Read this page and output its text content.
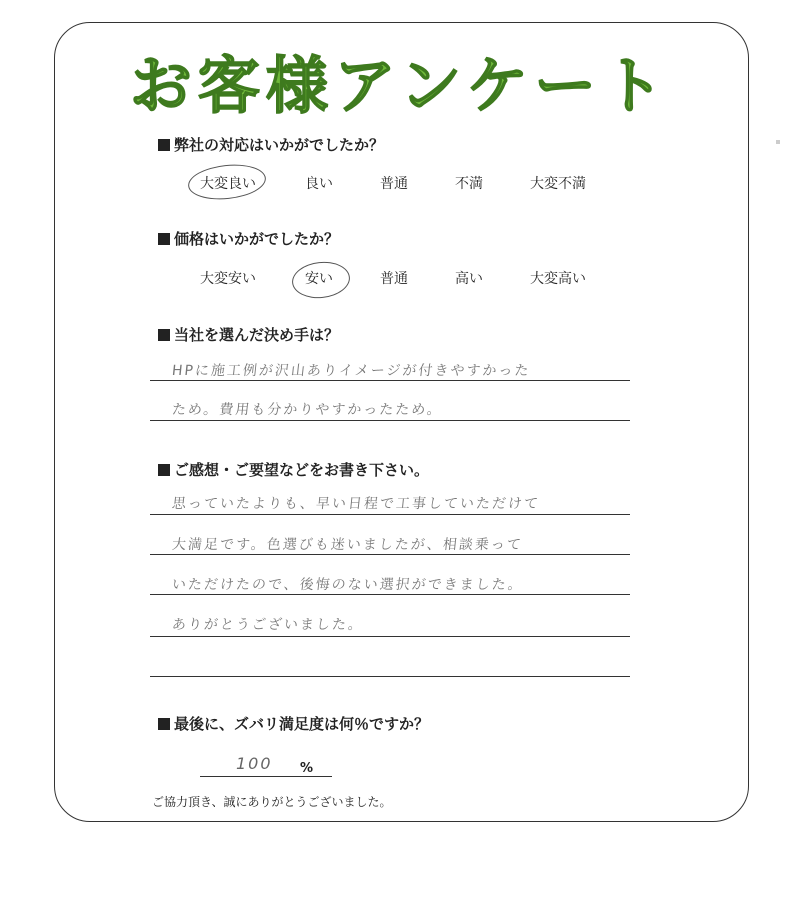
お客様アンケート
弊社の対応はいかがでしたか？
大変良い	良い	普通	不満	大変不満
価格はいかがでしたか？
大変安い	安い	普通	高い	大変高い
当社を選んだ決め手は？
HPに施工例が沢山ありイメージが付きやすかった
ため。費用も分かりやすかったため。
ご感想・ご要望などをお書き下さい。
思っていたよりも、早い日程で工事していただけて
大満足です。色選びも迷いましたが、相談乗って
いただけたので、後悔のない選択ができました。
ありがとうございました。
最後に、ズバリ満足度は何％ですか？
100 %
ご協力頂き、誠にありがとうございました。
